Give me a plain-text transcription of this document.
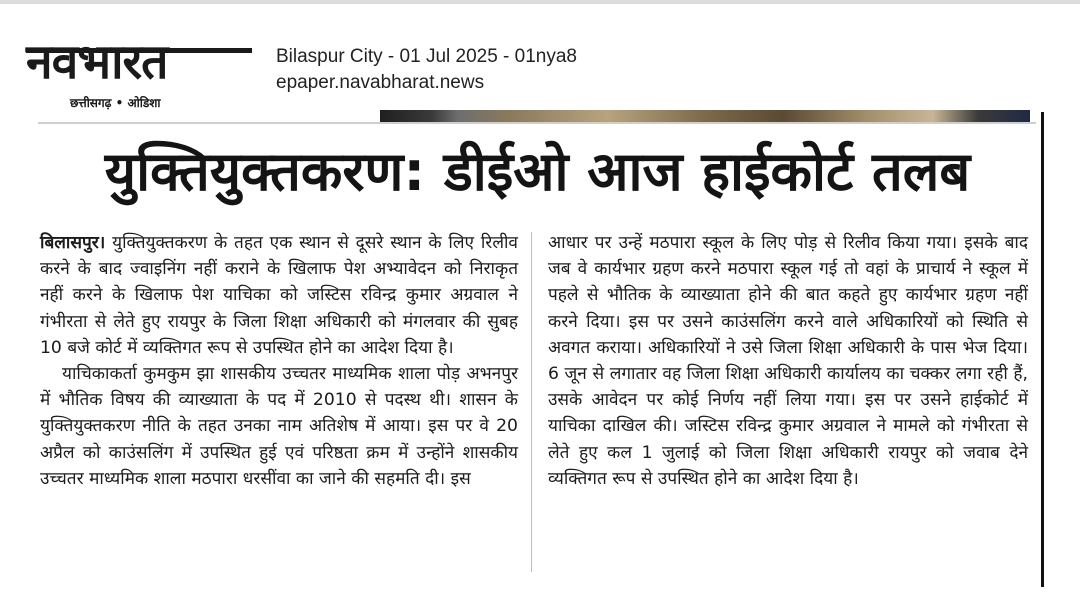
नवभारत
छत्तीसगढ़ • ओडिशा
Bilaspur City - 01 Jul 2025 - 01nya8
epaper.navabharat.news
युक्तियुक्तकरण: डीईओ आज हाईकोर्ट तलब

बिलासपुर। युक्तियुक्तकरण के तहत एक स्थान से दूसरे स्थान के लिए रिलीव करने के बाद ज्वाइनिंग नहीं कराने के खिलाफ पेश अभ्यावेदन को निराकृत नहीं करने के खिलाफ पेश याचिका को जस्टिस रविन्द्र कुमार अग्रवाल ने गंभीरता से लेते हुए रायपुर के जिला शिक्षा अधिकारी को मंगलवार की सुबह 10 बजे कोर्ट में व्यक्तिगत रूप से उपस्थित होने का आदेश दिया है।

याचिकाकर्ता कुमकुम झा शासकीय उच्चतर माध्यमिक शाला पोड़ अभनपुर में भौतिक विषय की व्याख्याता के पद में 2010 से पदस्थ थी। शासन के युक्तियुक्तकरण नीति के तहत उनका नाम अतिशेष में आया। इस पर वे 20 अप्रैल को काउंसलिंग में उपस्थित हुई एवं परिष्ठता क्रम में उन्होंने शासकीय उच्चतर माध्यमिक शाला मठपारा धरसींवा का जाने की सहमति दी। इस

आधार पर उन्हें मठपारा स्कूल के लिए पोड़ से रिलीव किया गया। इसके बाद जब वे कार्यभार ग्रहण करने मठपारा स्कूल गई तो वहां के प्राचार्य ने स्कूल में पहले से भौतिक के व्याख्याता होने की बात कहते हुए कार्यभार ग्रहण नहीं करने दिया। इस पर उसने काउंसलिंग करने वाले अधिकारियों को स्थिति से अवगत कराया। अधिकारियों ने उसे जिला शिक्षा अधिकारी के पास भेज दिया। 6 जून से लगातार वह जिला शिक्षा अधिकारी कार्यालय का चक्कर लगा रही हैं, उसके आवेदन पर कोई निर्णय नहीं लिया गया। इस पर उसने हाईकोर्ट में याचिका दाखिल की। जस्टिस रविन्द्र कुमार अग्रवाल ने मामले को गंभीरता से लेते हुए कल 1 जुलाई को जिला शिक्षा अधिकारी रायपुर को जवाब देने व्यक्तिगत रूप से उपस्थित होने का आदेश दिया है।
